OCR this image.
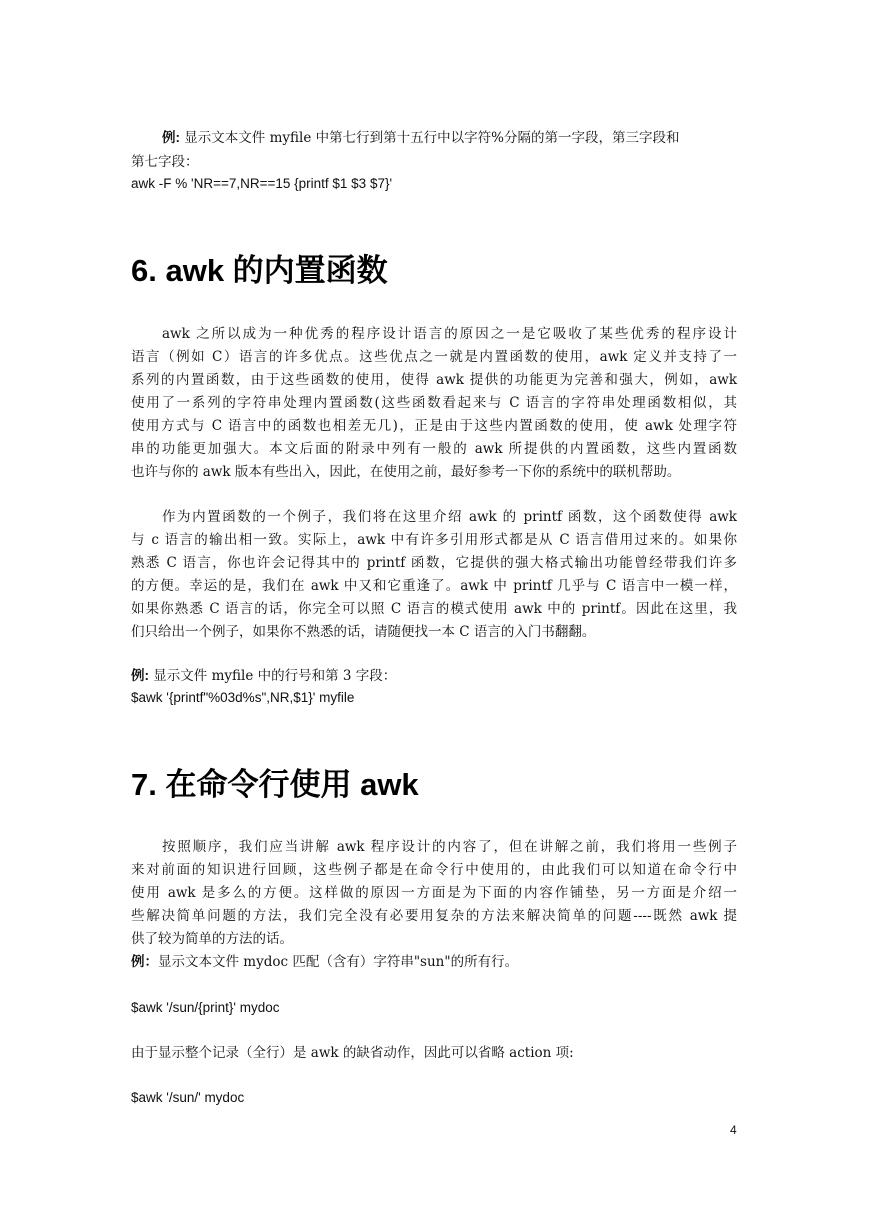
例: 显示文本文件 myfile 中第七行到第十五行中以字符%分隔的第一字段，第三字段和
第七字段：
awk -F % 'NR==7,NR==15 {printf $1 $3 $7}'
6. awk 的内置函数
awk 之所以成为一种优秀的程序设计语言的原因之一是它吸收了某些优秀的程序设计
语言（例如 C）语言的许多优点。这些优点之一就是内置函数的使用，awk 定义并支持了一
系列的内置函数，由于这些函数的使用，使得 awk 提供的功能更为完善和强大，例如，awk
使用了一系列的字符串处理内置函数(这些函数看起来与 C 语言的字符串处理函数相似，其
使用方式与 C 语言中的函数也相差无几)，正是由于这些内置函数的使用，使 awk 处理字符
串的功能更加强大。本文后面的附录中列有一般的 awk 所提供的内置函数，这些内置函数
也许与你的 awk 版本有些出入，因此，在使用之前，最好参考一下你的系统中的联机帮助。
作为内置函数的一个例子，我们将在这里介绍 awk 的 printf 函数，这个函数使得 awk
与 c 语言的输出相一致。实际上，awk 中有许多引用形式都是从 C 语言借用过来的。如果你
熟悉 C 语言，你也许会记得其中的 printf 函数，它提供的强大格式输出功能曾经带我们许多
的方便。幸运的是，我们在 awk 中又和它重逢了。awk 中 printf 几乎与 C 语言中一模一样，
如果你熟悉 C 语言的话，你完全可以照 C 语言的模式使用 awk 中的 printf。因此在这里，我
们只给出一个例子，如果你不熟悉的话，请随便找一本 C 语言的入门书翻翻。
例: 显示文件 myfile 中的行号和第 3 字段：
$awk '{printf"%03d%s",NR,$1}' myfile
7. 在命令行使用 awk
按照顺序，我们应当讲解 awk 程序设计的内容了，但在讲解之前，我们将用一些例子
来对前面的知识进行回顾，这些例子都是在命令行中使用的，由此我们可以知道在命令行中
使用 awk 是多么的方便。这样做的原因一方面是为下面的内容作铺垫，另一方面是介绍一
些解决简单问题的方法，我们完全没有必要用复杂的方法来解决简单的问题----既然 awk 提
供了较为简单的方法的话。
例：显示文本文件 mydoc 匹配（含有）字符串"sun"的所有行。
$awk '/sun/{print}' mydoc
由于显示整个记录（全行）是 awk 的缺省动作，因此可以省略 action 项:
$awk '/sun/' mydoc
4
